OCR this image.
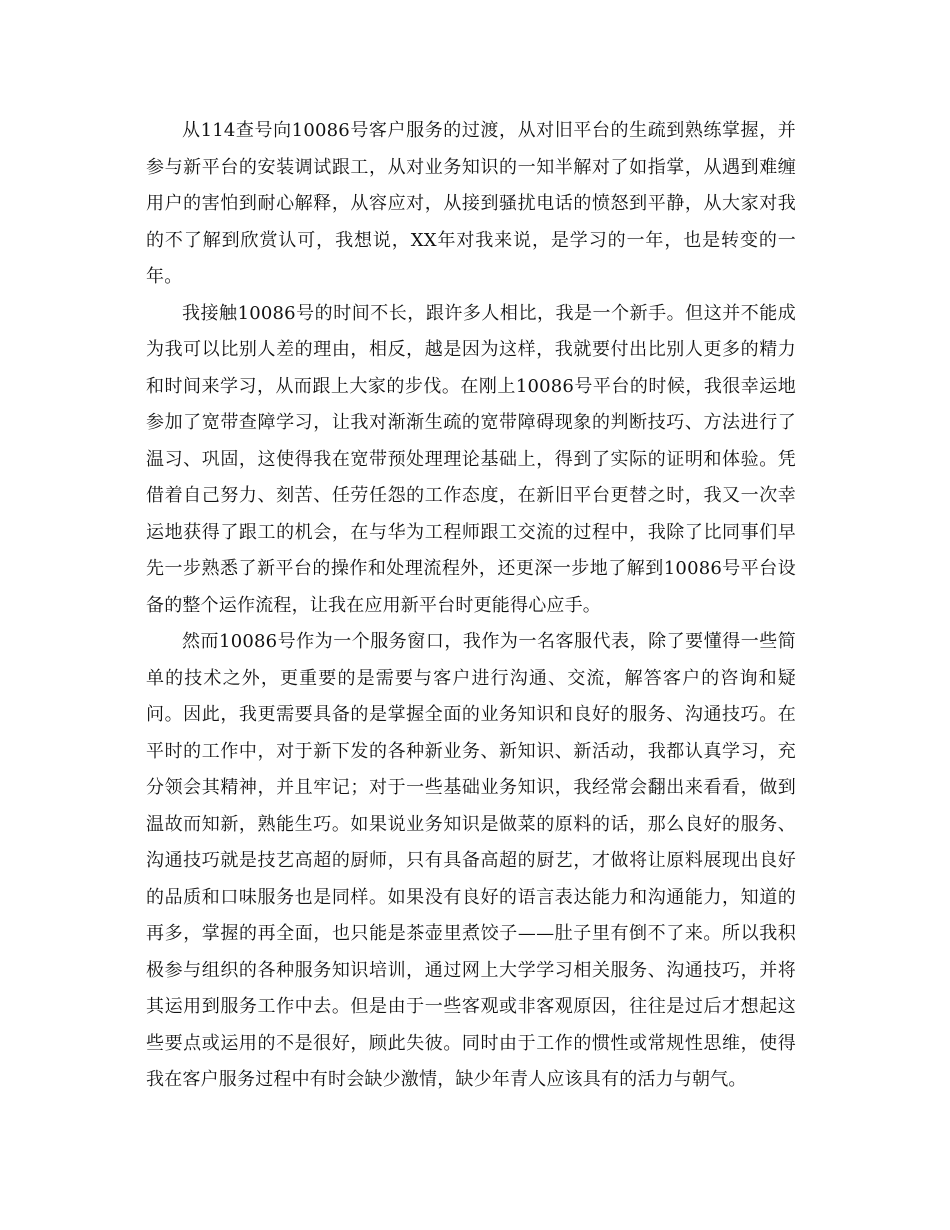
从114查号向10086号客户服务的过渡，从对旧平台的生疏到熟练掌握，并参与新平台的安装调试跟工，从对业务知识的一知半解对了如指掌，从遇到难缠用户的害怕到耐心解释，从容应对，从接到骚扰电话的愤怒到平静，从大家对我的不了解到欣赏认可，我想说，XX年对我来说，是学习的一年，也是转变的一年。

我接触10086号的时间不长，跟许多人相比，我是一个新手。但这并不能成为我可以比别人差的理由，相反，越是因为这样，我就要付出比别人更多的精力和时间来学习，从而跟上大家的步伐。在刚上10086号平台的时候，我很幸运地参加了宽带查障学习，让我对渐渐生疏的宽带障碍现象的判断技巧、方法进行了温习、巩固，这使得我在宽带预处理理论基础上，得到了实际的证明和体验。凭借着自己努力、刻苦、任劳任怨的工作态度，在新旧平台更替之时，我又一次幸运地获得了跟工的机会，在与华为工程师跟工交流的过程中，我除了比同事们早先一步熟悉了新平台的操作和处理流程外，还更深一步地了解到10086号平台设备的整个运作流程，让我在应用新平台时更能得心应手。

然而10086号作为一个服务窗口，我作为一名客服代表，除了要懂得一些简单的技术之外，更重要的是需要与客户进行沟通、交流，解答客户的咨询和疑问。因此，我更需要具备的是掌握全面的业务知识和良好的服务、沟通技巧。在平时的工作中，对于新下发的各种新业务、新知识、新活动，我都认真学习，充分领会其精神，并且牢记；对于一些基础业务知识，我经常会翻出来看看，做到温故而知新，熟能生巧。如果说业务知识是做菜的原料的话，那么良好的服务、沟通技巧就是技艺高超的厨师，只有具备高超的厨艺，才做将让原料展现出良好的品质和口味服务也是同样。如果没有良好的语言表达能力和沟通能力，知道的再多，掌握的再全面，也只能是茶壶里煮饺子——肚子里有倒不了来。所以我积极参与组织的各种服务知识培训，通过网上大学学习相关服务、沟通技巧，并将其运用到服务工作中去。但是由于一些客观或非客观原因，往往是过后才想起这些要点或运用的不是很好，顾此失彼。同时由于工作的惯性或常规性思维，使得我在客户服务过程中有时会缺少激情，缺少年青人应该具有的活力与朝气。
